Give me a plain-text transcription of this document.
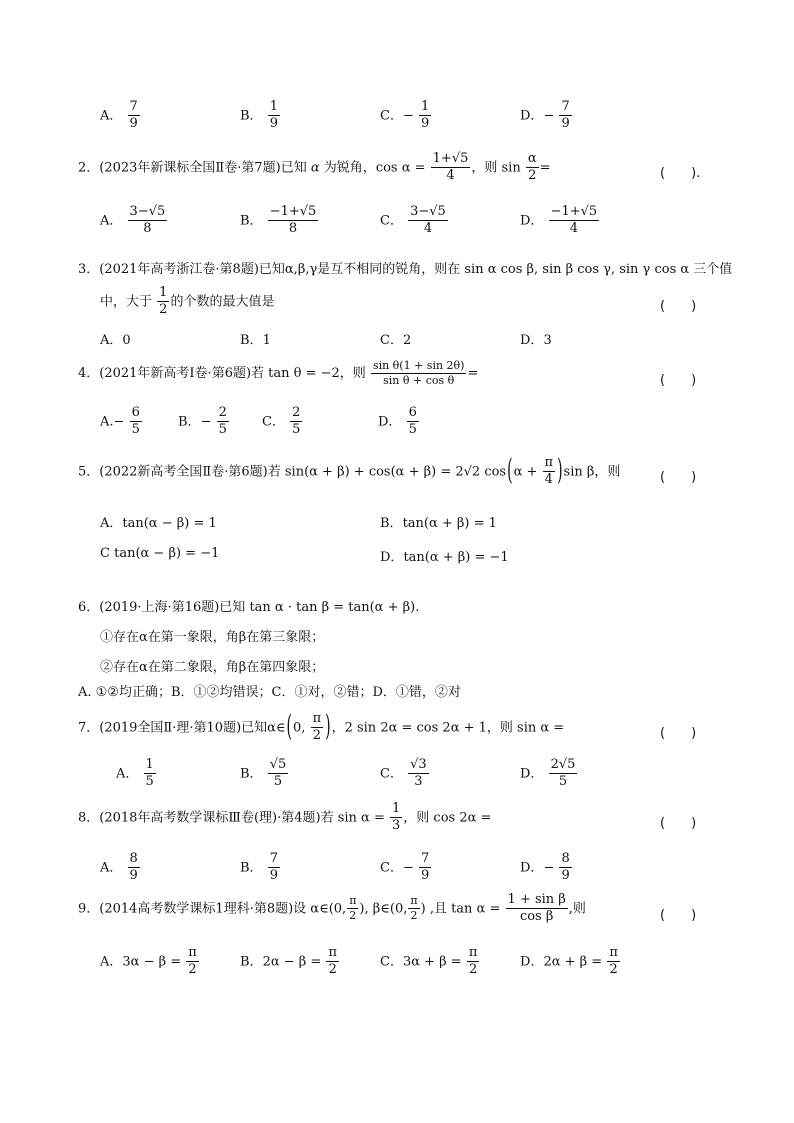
A． $\frac{7}{9}$	B． $\frac{1}{9}$	C．− $\frac{1}{9}$	D．− $\frac{7}{9}$
2．(2023年新课标全国Ⅱ卷·第7题)已知 α 为锐角，$\cos \alpha = \frac{1+√5}{4}$ ，则 $\sin \frac{\alpha}{2}$ =	(　　).
A． $\frac{3-√5}{8}$	B． $\frac{-1+√5}{8}$	C． $\frac{3-√5}{4}$	D． $\frac{-1+√5}{4}$
3．(2021年高考浙江卷·第8题)已知α,β,γ是互不相同的锐角，则在 sin α cos β, sin β cos γ, sin γ cos α 三个值
中，大于 $\frac{1}{2}$ 的个数的最大值是	(　　)
A．0	B．1	C．2	D．3
4．(2021年新高考Ⅰ卷·第6题)若 tan θ = −2，则 $\frac{\text{sin θ(1 + sin 2θ)}}{\text{sin θ + cos θ}}$ =	(　　)
$A.- \frac{6}{5}$	B．− $\frac{2}{5}$	C． $\frac{2}{5}$	D． $\frac{6}{5}$
5．(2022新高考全国Ⅱ卷·第6题)若 sin(α + β) + cos(α + β) = 2√2 $\cos(\alpha + \frac{\pi}{4} )\sin$ β，则	(　　)
A．tan(α − β) = 1	B．tan(α + β) = 1
C tan(α − β) = −1	D．tan(α + β) = −1
6．(2019·上海·第16题)已知 tan α · tan β = tan(α + β).
①存在α在第一象限，角β在第三象限；
②存在α在第二象限，角β在第四象限；
A. ①②均正确；B．①②均错误；C．①对，②错；D．①错，②对
7．(2019全国Ⅱ·理·第10题)已知α∈(0, $\frac{\pi}{2}$ )，2 sin 2α = cos 2α + 1，则 sin α =	(　　)
A． $\frac{1}{5}$	B． $\frac{√5}{5}$	C． $\frac{√3}{3}$	D． $\frac{2√5}{5}$
8．(2018年高考数学课标Ⅲ卷(理)·第4题)若 $\sin \alpha = \frac{1}{3}$ ，则 cos 2α =	(　　)
A． $\frac{8}{9}$	B． $\frac{7}{9}$	C．− $\frac{7}{9}$	D．− $\frac{8}{9}$
9．(2014高考数学课标1理科·第8题)设 α∈(0, $\frac{\pi}{2}$ ), β∈(0, $\frac{\pi}{2}$ ) ,且 $\tan \alpha = \frac{\text{1 + sin β}}{\text{cos β}}$ ,则	(　　)
A．$3\alpha - \beta = \frac{\pi}{2}$	B．$2\alpha - \beta = \frac{\pi}{2}$	C．$3\alpha + \beta = \frac{\pi}{2}$	D．$2\alpha + \beta = \frac{\pi}{2}$
